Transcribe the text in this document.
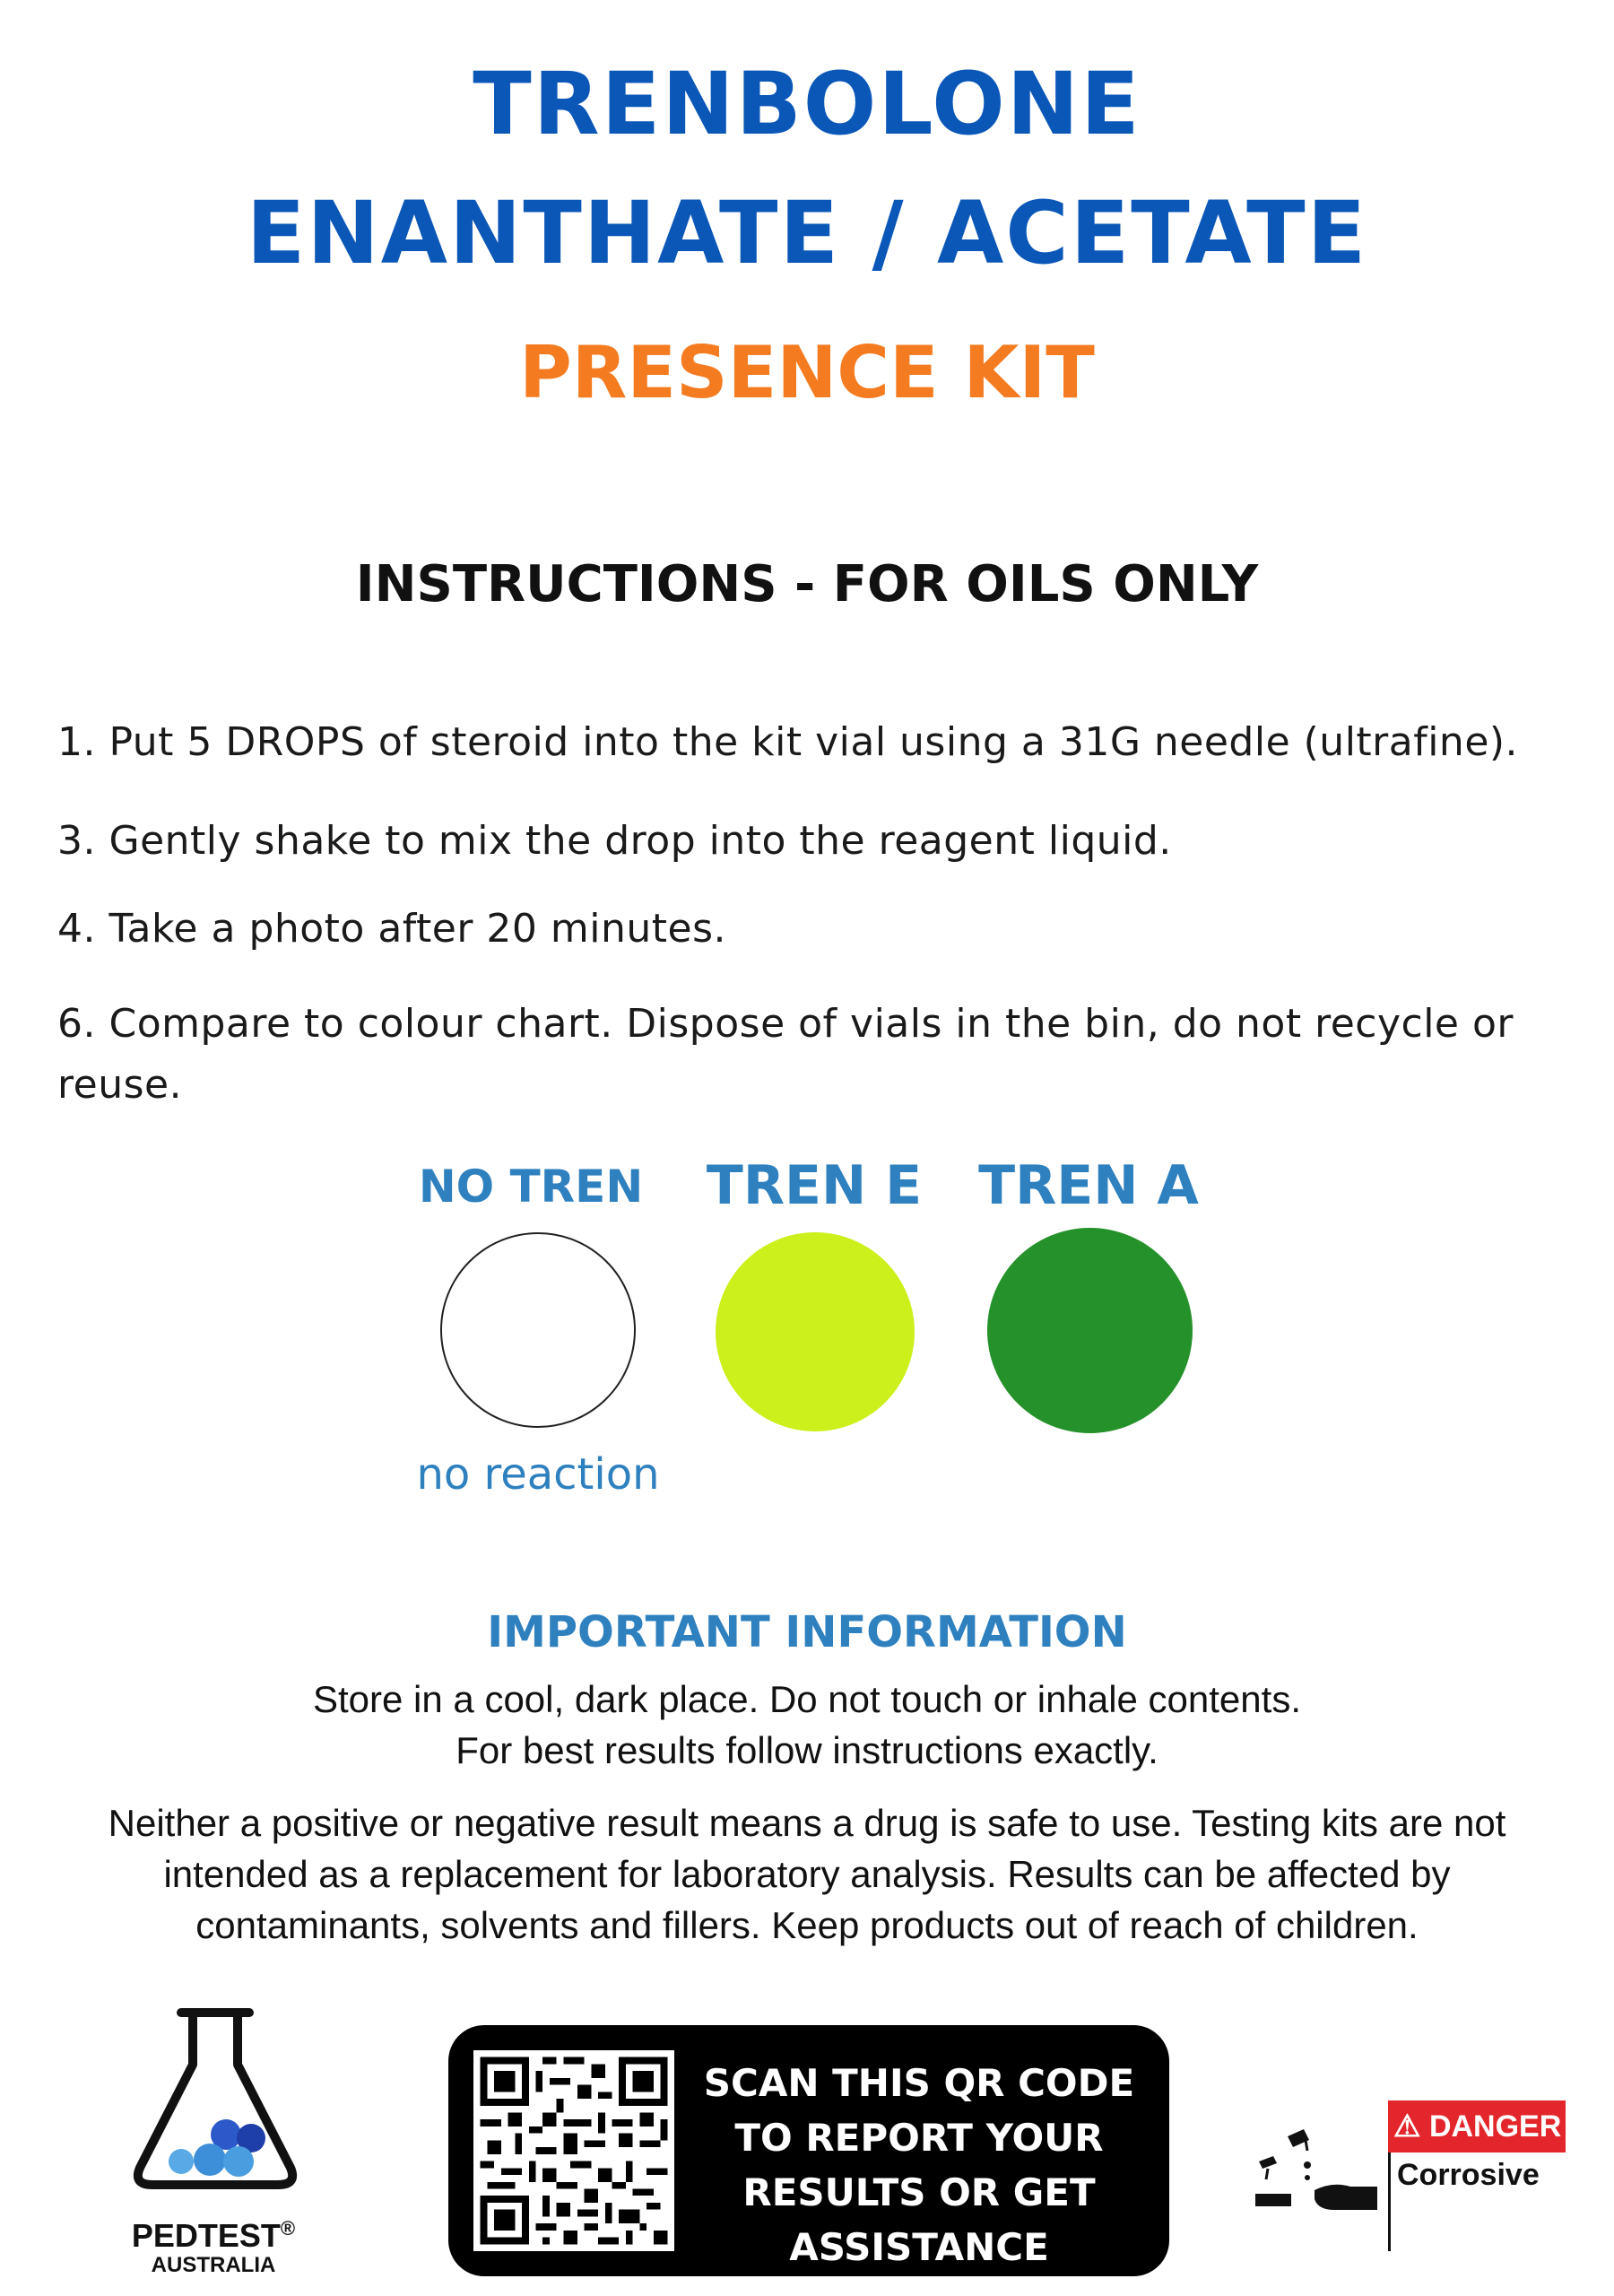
TRENBOLONE
ENANTHATE / ACETATE
PRESENCE KIT
INSTRUCTIONS - FOR OILS ONLY
1. Put 5 DROPS of steroid into the kit vial using a 31G needle (ultrafine).
3. Gently shake to mix the drop into the reagent liquid.
4. Take a photo after 20 minutes.
6. Compare to colour chart. Dispose of vials in the bin, do not recycle or reuse.
NO TREN	TREN E	TREN A
no reaction
IMPORTANT INFORMATION
Store in a cool, dark place. Do not touch or inhale contents.
For best results follow instructions exactly.
Neither a positive or negative result means a drug is safe to use. Testing kits are not intended as a replacement for laboratory analysis. Results can be affected by contaminants, solvents and fillers. Keep products out of reach of children.
PEDTEST®
AUSTRALIA
SCAN THIS QR CODE TO REPORT YOUR RESULTS OR GET ASSISTANCE
⚠ DANGER
Corrosive
